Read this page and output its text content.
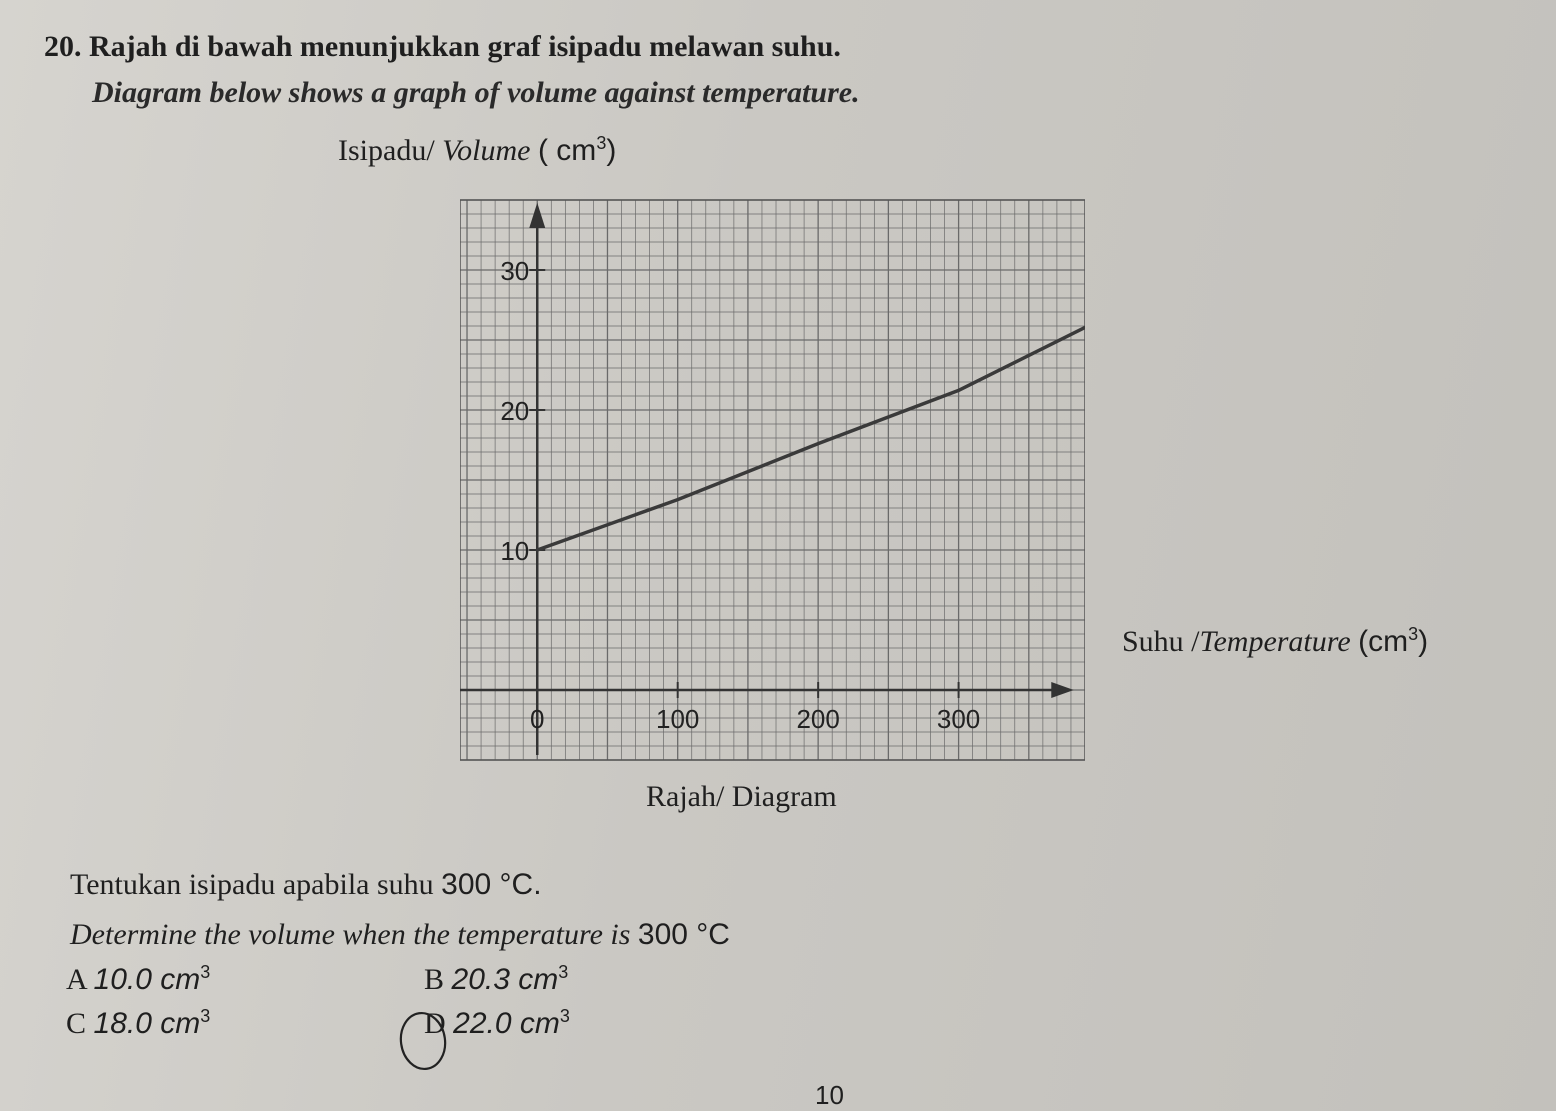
20. Rajah di bawah menunjukkan graf isipadu melawan suhu.
Diagram below shows a graph of volume against temperature.
Isipadu/ Volume ( $cm^3$)
0	100	200	300
10
20
30
Suhu /Temperature $(cm^3)$
Rajah/ Diagram
Tentukan isipadu apabila suhu 300 °C.
Determine the volume when the temperature is 300 °C
A 10.0 $cm^3$	B 20.3 $cm^3$
C 18.0 $cm^3$	D 22.0 $cm^3$
10
